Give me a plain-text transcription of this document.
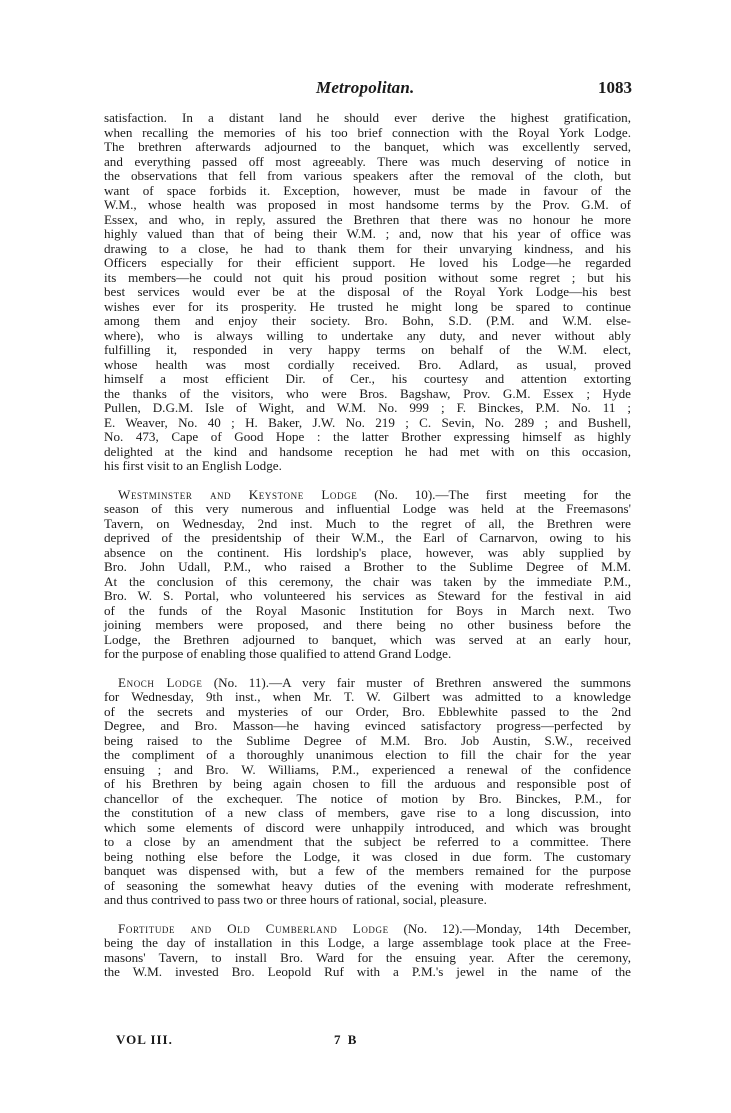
Metropolitan.	1083
satisfaction. In a distant land he should ever derive the highest gratification,
when recalling the memories of his too brief connection with the Royal York Lodge.
The brethren afterwards adjourned to the banquet, which was excellently served,
and everything passed off most agreeably. There was much deserving of notice in
the observations that fell from various speakers after the removal of the cloth, but
want of space forbids it. Exception, however, must be made in favour of the
W.M., whose health was proposed in most handsome terms by the Prov. G.M. of
Essex, and who, in reply, assured the Brethren that there was no honour he more
highly valued than that of being their W.M. ; and, now that his year of office was
drawing to a close, he had to thank them for their unvarying kindness, and his
Officers especially for their efficient support. He loved his Lodge—he regarded
its members—he could not quit his proud position without some regret ; but his
best services would ever be at the disposal of the Royal York Lodge—his best
wishes ever for its prosperity. He trusted he might long be spared to continue
among them and enjoy their society. Bro. Bohn, S.D. (P.M. and W.M. else-
where), who is always willing to undertake any duty, and never without ably
fulfilling it, responded in very happy terms on behalf of the W.M. elect,
whose health was most cordially received. Bro. Adlard, as usual, proved
himself a most efficient Dir. of Cer., his courtesy and attention extorting
the thanks of the visitors, who were Bros. Bagshaw, Prov. G.M. Essex ; Hyde
Pullen, D.G.M. Isle of Wight, and W.M. No. 999 ; F. Binckes, P.M. No. 11 ;
E. Weaver, No. 40 ; H. Baker, J.W. No. 219 ; C. Sevin, No. 289 ; and Bushell,
No. 473, Cape of Good Hope : the latter Brother expressing himself as highly
delighted at the kind and handsome reception he had met with on this occasion,
his first visit to an English Lodge.
Westminster and Keystone Lodge (No. 10).—The first meeting for the
season of this very numerous and influential Lodge was held at the Freemasons'
Tavern, on Wednesday, 2nd inst. Much to the regret of all, the Brethren were
deprived of the presidentship of their W.M., the Earl of Carnarvon, owing to his
absence on the continent. His lordship's place, however, was ably supplied by
Bro. John Udall, P.M., who raised a Brother to the Sublime Degree of M.M.
At the conclusion of this ceremony, the chair was taken by the immediate P.M.,
Bro. W. S. Portal, who volunteered his services as Steward for the festival in aid
of the funds of the Royal Masonic Institution for Boys in March next. Two
joining members were proposed, and there being no other business before the
Lodge, the Brethren adjourned to banquet, which was served at an early hour,
for the purpose of enabling those qualified to attend Grand Lodge.
Enoch Lodge (No. 11).—A very fair muster of Brethren answered the summons
for Wednesday, 9th inst., when Mr. T. W. Gilbert was admitted to a knowledge
of the secrets and mysteries of our Order, Bro. Ebblewhite passed to the 2nd
Degree, and Bro. Masson—he having evinced satisfactory progress—perfected by
being raised to the Sublime Degree of M.M. Bro. Job Austin, S.W., received
the compliment of a thoroughly unanimous election to fill the chair for the year
ensuing ; and Bro. W. Williams, P.M., experienced a renewal of the confidence
of his Brethren by being again chosen to fill the arduous and responsible post of
chancellor of the exchequer. The notice of motion by Bro. Binckes, P.M., for
the constitution of a new class of members, gave rise to a long discussion, into
which some elements of discord were unhappily introduced, and which was brought
to a close by an amendment that the subject be referred to a committee. There
being nothing else before the Lodge, it was closed in due form. The customary
banquet was dispensed with, but a few of the members remained for the purpose
of seasoning the somewhat heavy duties of the evening with moderate refreshment,
and thus contrived to pass two or three hours of rational, social, pleasure.
Fortitude and Old Cumberland Lodge (No. 12).—Monday, 14th December,
being the day of installation in this Lodge, a large assemblage took place at the Free-
masons' Tavern, to install Bro. Ward for the ensuing year. After the ceremony,
the W.M. invested Bro. Leopold Ruf with a P.M.'s jewel in the name of the
VOL III.	7 B
